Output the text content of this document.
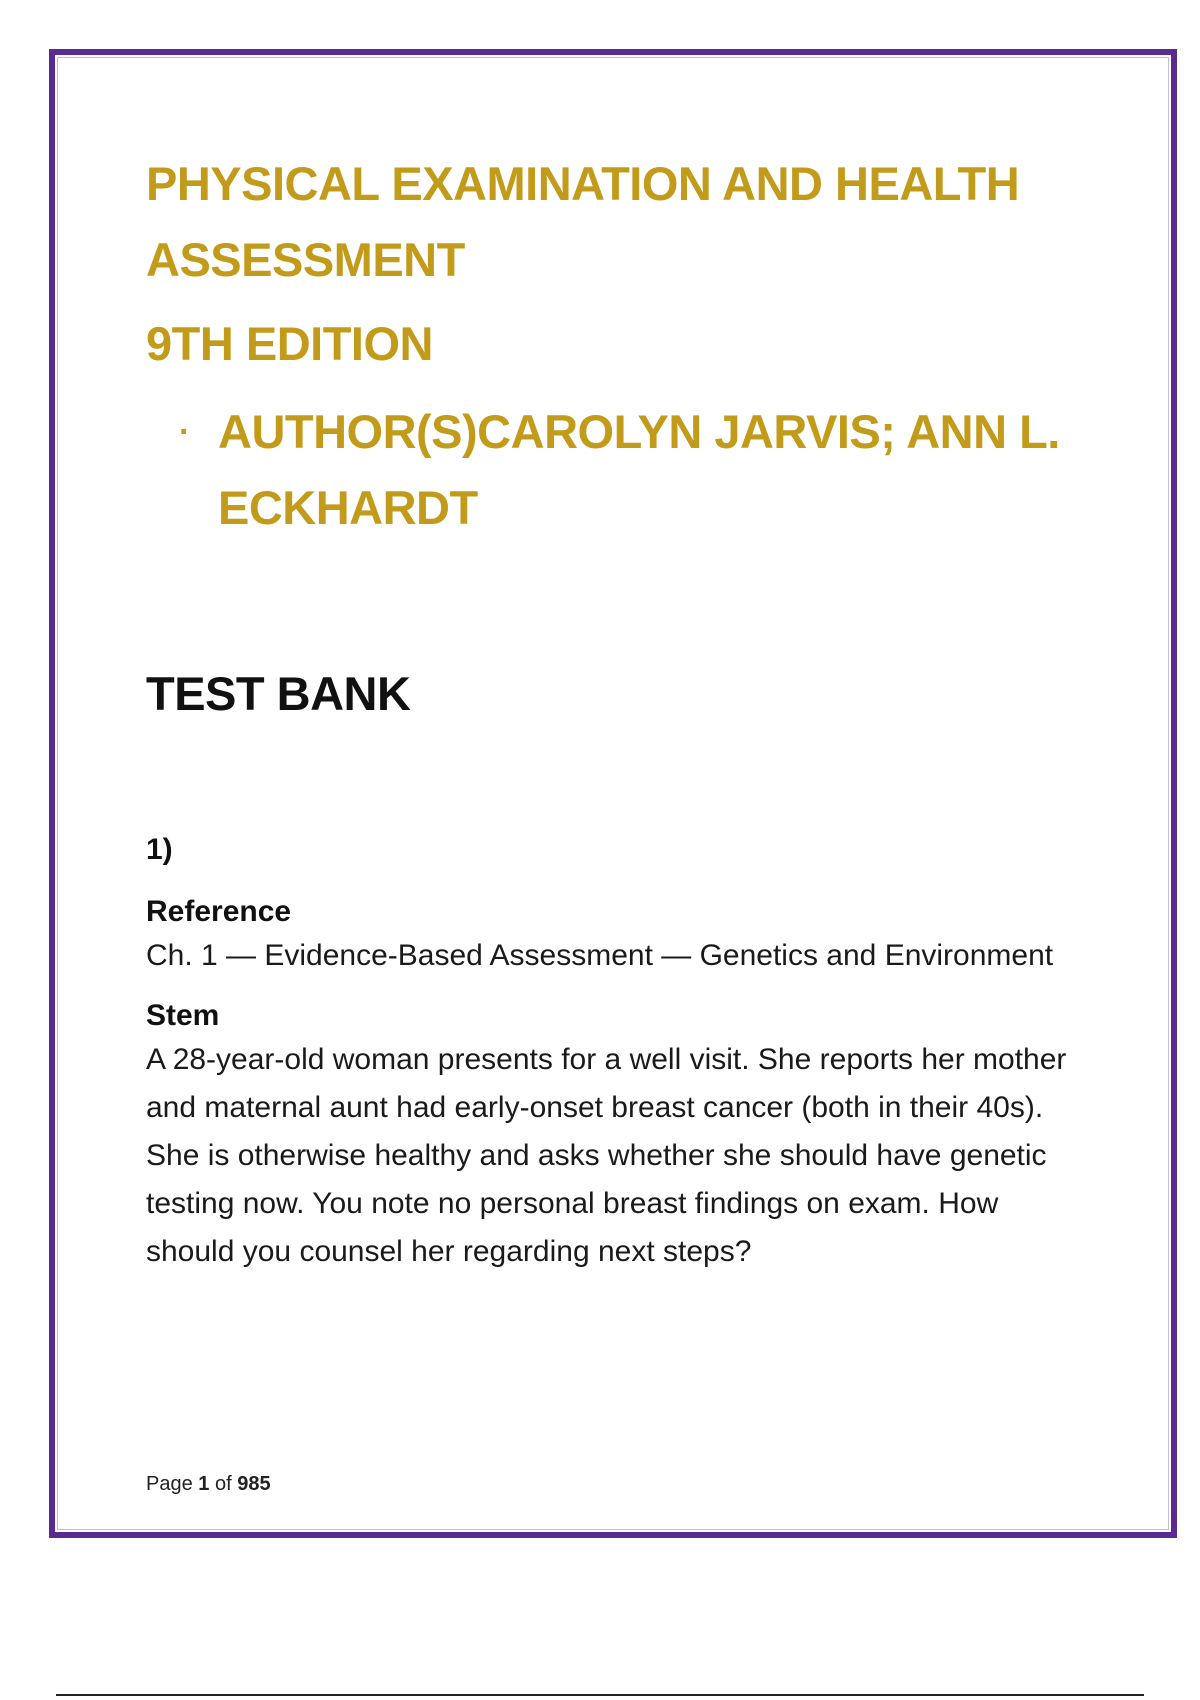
PHYSICAL EXAMINATION AND HEALTH

ASSESSMENT

9TH EDITION

· AUTHOR(S)CAROLYN JARVIS; ANN L. ECKHARDT
TEST BANK
1)
Reference

Ch. 1 — Evidence-Based Assessment — Genetics and Environment

Stem

A 28-year-old woman presents for a well visit. She reports her mother and maternal aunt had early-onset breast cancer (both in their 40s). She is otherwise healthy and asks whether she should have genetic testing now. You note no personal breast findings on exam. How should you counsel her regarding next steps?

Page 1 of 985
